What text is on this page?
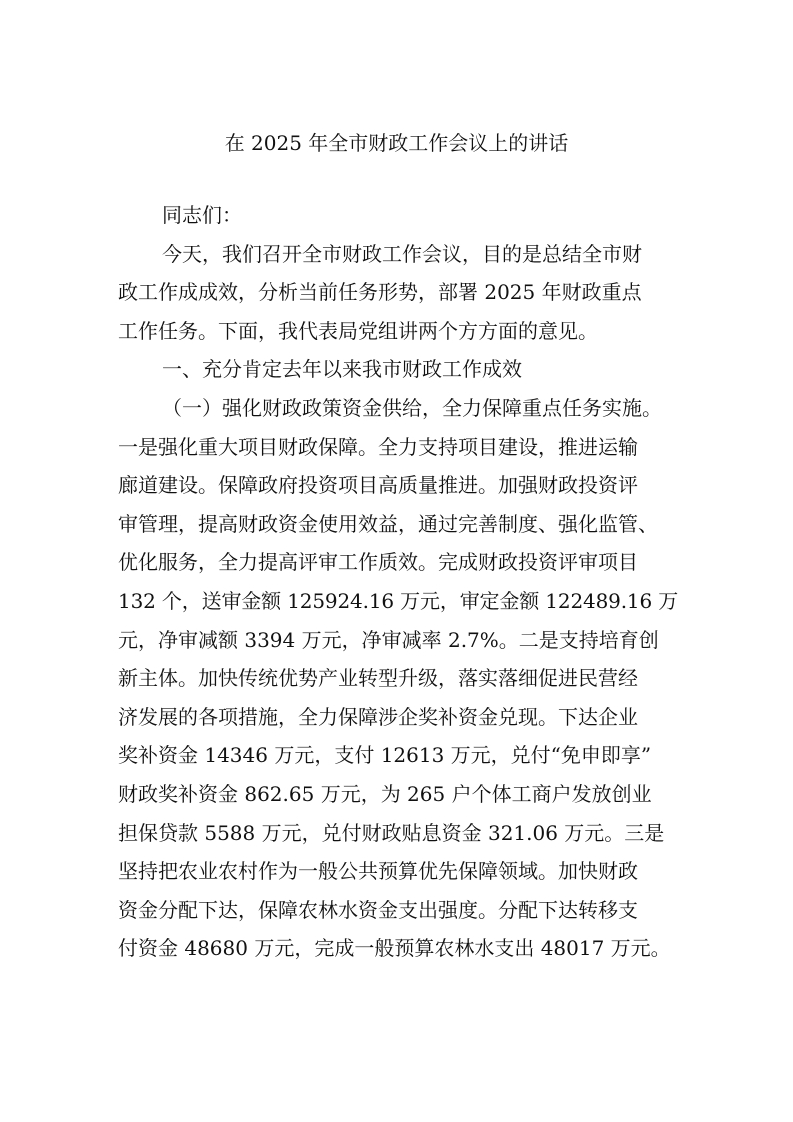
在 2025 年全市财政工作会议上的讲话
同志们：
今天，我们召开全市财政工作会议，目的是总结全市财
政工作成成效，分析当前任务形势，部署 2025 年财政重点
工作任务。下面，我代表局党组讲两个方方面的意见。
一、充分肯定去年以来我市财政工作成效
（一）强化财政政策资金供给，全力保障重点任务实施。
一是强化重大项目财政保障。全力支持项目建设，推进运输
廊道建设。保障政府投资项目高质量推进。加强财政投资评
审管理，提高财政资金使用效益，通过完善制度、强化监管、
优化服务，全力提高评审工作质效。完成财政投资评审项目
132 个，送审金额 125924.16 万元，审定金额 122489.16 万
元，净审减额 3394 万元，净审减率 2.7%。二是支持培育创
新主体。加快传统优势产业转型升级，落实落细促进民营经
济发展的各项措施，全力保障涉企奖补资金兑现。下达企业
奖补资金 14346 万元，支付 12613 万元，兑付“免申即享”
财政奖补资金 862.65 万元，为 265 户个体工商户发放创业
担保贷款 5588 万元，兑付财政贴息资金 321.06 万元。三是
坚持把农业农村作为一般公共预算优先保障领域。加快财政
资金分配下达，保障农林水资金支出强度。分配下达转移支
付资金 48680 万元，完成一般预算农林水支出 48017 万元。
